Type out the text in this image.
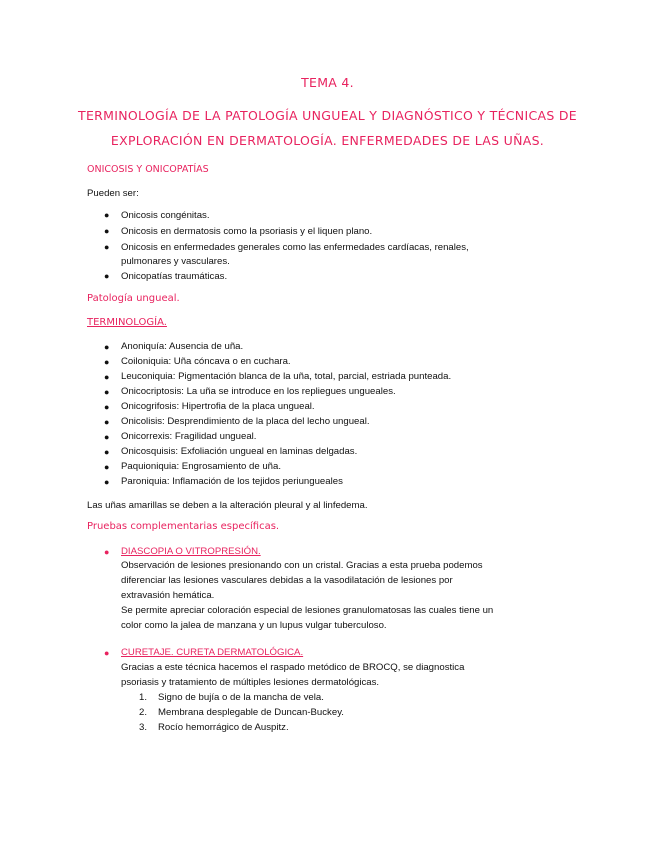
TEMA 4.
TERMINOLOGÍA DE LA PATOLOGÍA UNGUEAL Y DIAGNÓSTICO Y TÉCNICAS DE
EXPLORACIÓN EN DERMATOLOGÍA. ENFERMEDADES DE LAS UÑAS.
ONICOSIS Y ONICOPATÍAS
Pueden ser:
● Onicosis congénitas.
● Onicosis en dermatosis como la psoriasis y el liquen plano.
● Onicosis en enfermedades generales como las enfermedades cardíacas, renales,
pulmonares y vasculares.
● Onicopatías traumáticas.
Patología ungueal.
TERMINOLOGÍA.
● Anoniquía: Ausencia de uña.
● Coiloniquia: Uña cóncava o en cuchara.
● Leuconiquia: Pigmentación blanca de la uña, total, parcial, estriada punteada.
● Onicocriptosis: La uña se introduce en los repliegues ungueales.
● Onicogrifosis: Hipertrofia de la placa ungueal.
● Onicolisis: Desprendimiento de la placa del lecho ungueal.
● Onicorrexis: Fragilidad ungueal.
● Onicosquisis: Exfoliación ungueal en laminas delgadas.
● Paquioniquia: Engrosamiento de uña.
● Paroniquia: Inflamación de los tejidos periungueales
Las uñas amarillas se deben a la alteración pleural y al linfedema.
Pruebas complementarias específicas.
● DIASCOPIA O VITROPRESIÓN.
Observación de lesiones presionando con un cristal. Gracias a esta prueba podemos
diferenciar las lesiones vasculares debidas a la vasodilatación de lesiones por
extravasión hemática.
Se permite apreciar coloración especial de lesiones granulomatosas las cuales tiene un
color como la jalea de manzana y un lupus vulgar tuberculoso.
● CURETAJE. CURETA DERMATOLÓGICA.
Gracias a este técnica hacemos el raspado metódico de BROCQ, se diagnostica
psoriasis y tratamiento de múltiples lesiones dermatológicas.
1. Signo de bujía o de la mancha de vela.
2. Membrana desplegable de Duncan-Buckey.
3. Rocío hemorrágico de Auspitz.
